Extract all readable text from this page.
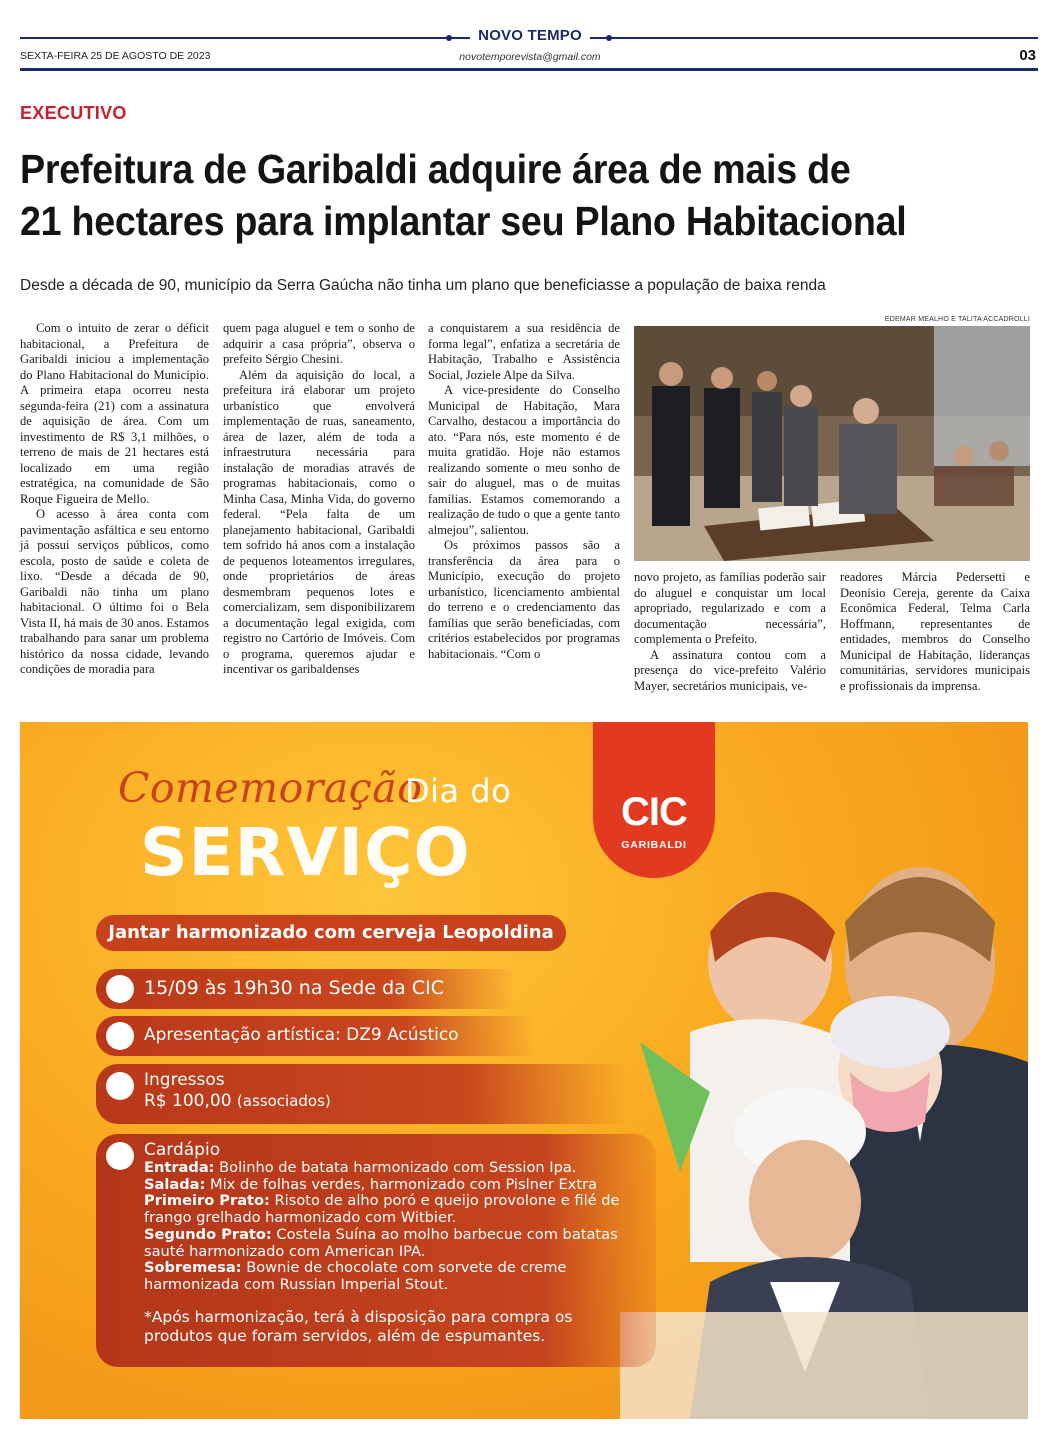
NOVO TEMPO
SEXTA-FEIRA 25 DE AGOSTO DE 2023	novotemporevista@gmail.com	03
EXECUTIVO
Prefeitura de Garibaldi adquire área de mais de
21 hectares para implantar seu Plano Habitacional
Desde a década de 90, município da Serra Gaúcha não tinha um plano que beneficiasse a população de baixa renda

Com o intuito de zerar o déficit habitacional, a Prefeitura de Garibaldi iniciou a implementação do Plano Habitacional do Município. A primeira etapa ocorreu nesta segunda-feira (21) com a assinatura de aquisição de área. Com um investimento de R$ 3,1 milhões, o terreno de mais de 21 hectares está localizado em uma região estratégica, na comunidade de São Roque Figueira de Mello.

O acesso à área conta com pavimentação asfáltica e seu entorno já possui serviços públicos, como escola, posto de saúde e coleta de lixo. “Desde a década de 90, Garibaldi não tinha um plano habitacional. O último foi o Bela Vista II, há mais de 30 anos. Estamos trabalhando para sanar um problema histórico da nossa cidade, levando condições de moradia para

quem paga aluguel e tem o sonho de adquirir a casa própria”, observa o prefeito Sérgio Chesini.

Além da aquisição do local, a prefeitura irá elaborar um projeto urbanístico que envolverá implementação de ruas, saneamento, área de lazer, além de toda a infraestrutura necessária para instalação de moradias através de programas habitacionais, como o Minha Casa, Minha Vida, do governo federal. “Pela falta de um planejamento habitacional, Garibaldi tem sofrido há anos com a instalação de pequenos loteamentos irregulares, onde proprietários de áreas desmembram pequenos lotes e comercializam, sem disponibilizarem a documentação legal exigida, com registro no Cartório de Imóveis. Com o programa, queremos ajudar e incentivar os garibaldenses

a conquistarem a sua residência de forma legal”, enfatiza a secretária de Habitação, Trabalho e Assistência Social, Joziele Alpe da Silva.

A vice-presidente do Conselho Municipal de Habitação, Mara Carvalho, destacou a importância do ato. “Para nós, este momento é de muita gratidão. Hoje não estamos realizando somente o meu sonho de sair do aluguel, mas o de muitas famílias. Estamos comemorando a realização de tudo o que a gente tanto almejou”, salientou.

Os próximos passos são a transferência da área para o Município, execução do projeto urbanístico, licenciamento ambiental do terreno e o credenciamento das famílias que serão beneficiadas, com critérios estabelecidos por programas habitacionais. “Com o

EDEMAR MEALHO E TALITA ACCADROLLI

novo projeto, as famílias poderão sair do aluguel e conquistar um local apropriado, regularizado e com a documentação necessária”, complementa o Prefeito.

A assinatura contou com a presença do vice-prefeito Valério Mayer, secretários municipais, ve-

readores Márcia Pedersetti e Deonísio Cereja, gerente da Caixa Econômica Federal, Telma Carla Hoffmann, representantes de entidades, membros do Conselho Municipal de Habitação, lideranças comunitárias, servidores municipais e profissionais da imprensa.

Comemoração
Dia do
SERVIÇO
CIC
GARIBALDI
Jantar harmonizado com cerveja Leopoldina
15/09 às 19h30 na Sede da CIC
Apresentação artística: DZ9 Acústico
Ingressos
R$ 100,00 (associados)
Cardápio
Entrada: Bolinho de batata harmonizado com Session Ipa.
Salada: Mix de folhas verdes, harmonizado com Pislner Extra
Primeiro Prato: Risoto de alho poró e queijo provolone e filé de frango grelhado harmonizado com Witbier.
Segundo Prato: Costela Suína ao molho barbecue com batatas sauté harmonizado com American IPA.
Sobremesa: Bownie de chocolate com sorvete de creme harmonizada com Russian Imperial Stout.
*Após harmonização, terá à disposição para compra os produtos que foram servidos, além de espumantes.
